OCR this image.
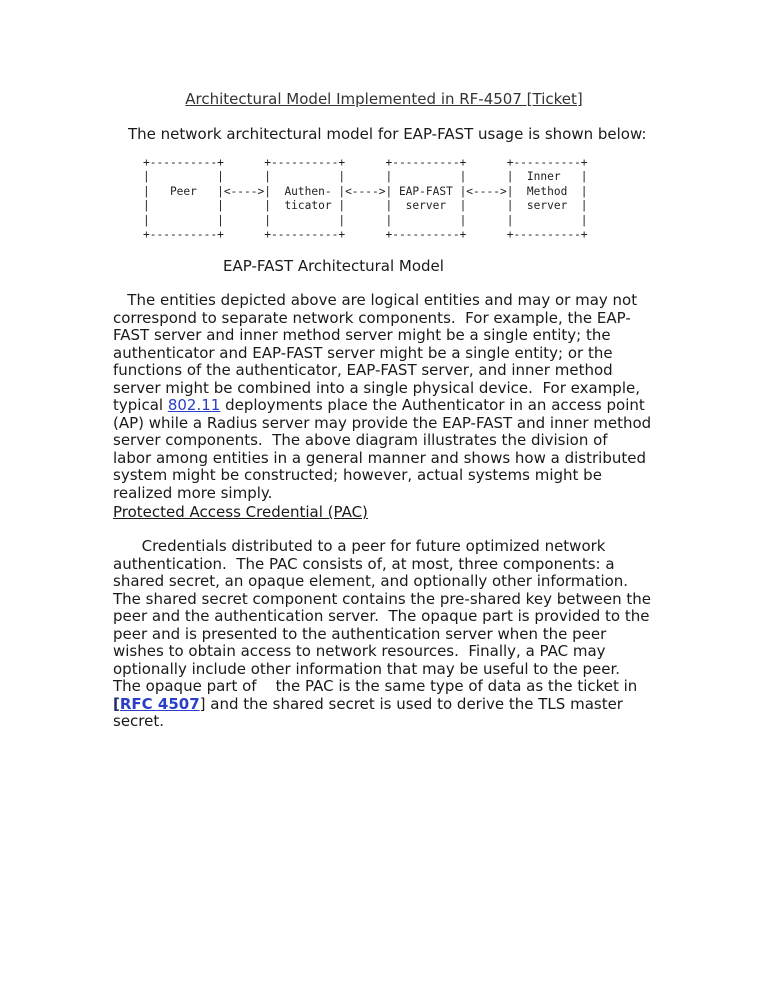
Architectural Model Implemented in RF-4507 [Ticket]
The network architectural model for EAP-FAST usage is shown below:
+----------+      +----------+      +----------+      +----------+
|          |      |          |      |          |      |  Inner   |
|   Peer   |<---->|  Authen- |<---->| EAP-FAST |<---->|  Method  |
|          |      |  ticator |      |  server  |      |  server  |
|          |      |          |      |          |      |          |
+----------+      +----------+      +----------+      +----------+
EAP-FAST Architectural Model
The entities depicted above are logical entities and may or may not
correspond to separate network components.  For example, the EAP-
FAST server and inner method server might be a single entity; the
authenticator and EAP-FAST server might be a single entity; or the
functions of the authenticator, EAP-FAST server, and inner method
server might be combined into a single physical device.  For example,
typical 802.11 deployments place the Authenticator in an access point
(AP) while a Radius server may provide the EAP-FAST and inner method
server components.  The above diagram illustrates the division of
labor among entities in a general manner and shows how a distributed
system might be constructed; however, actual systems might be
realized more simply.
Protected Access Credential (PAC)
Credentials distributed to a peer for future optimized network
authentication.  The PAC consists of, at most, three components: a
shared secret, an opaque element, and optionally other information.
The shared secret component contains the pre-shared key between the
peer and the authentication server.  The opaque part is provided to the
peer and is presented to the authentication server when the peer
wishes to obtain access to network resources.  Finally, a PAC may
optionally include other information that may be useful to the peer.
The opaque part of    the PAC is the same type of data as the ticket in
[RFC 4507] and the shared secret is used to derive the TLS master
secret.
